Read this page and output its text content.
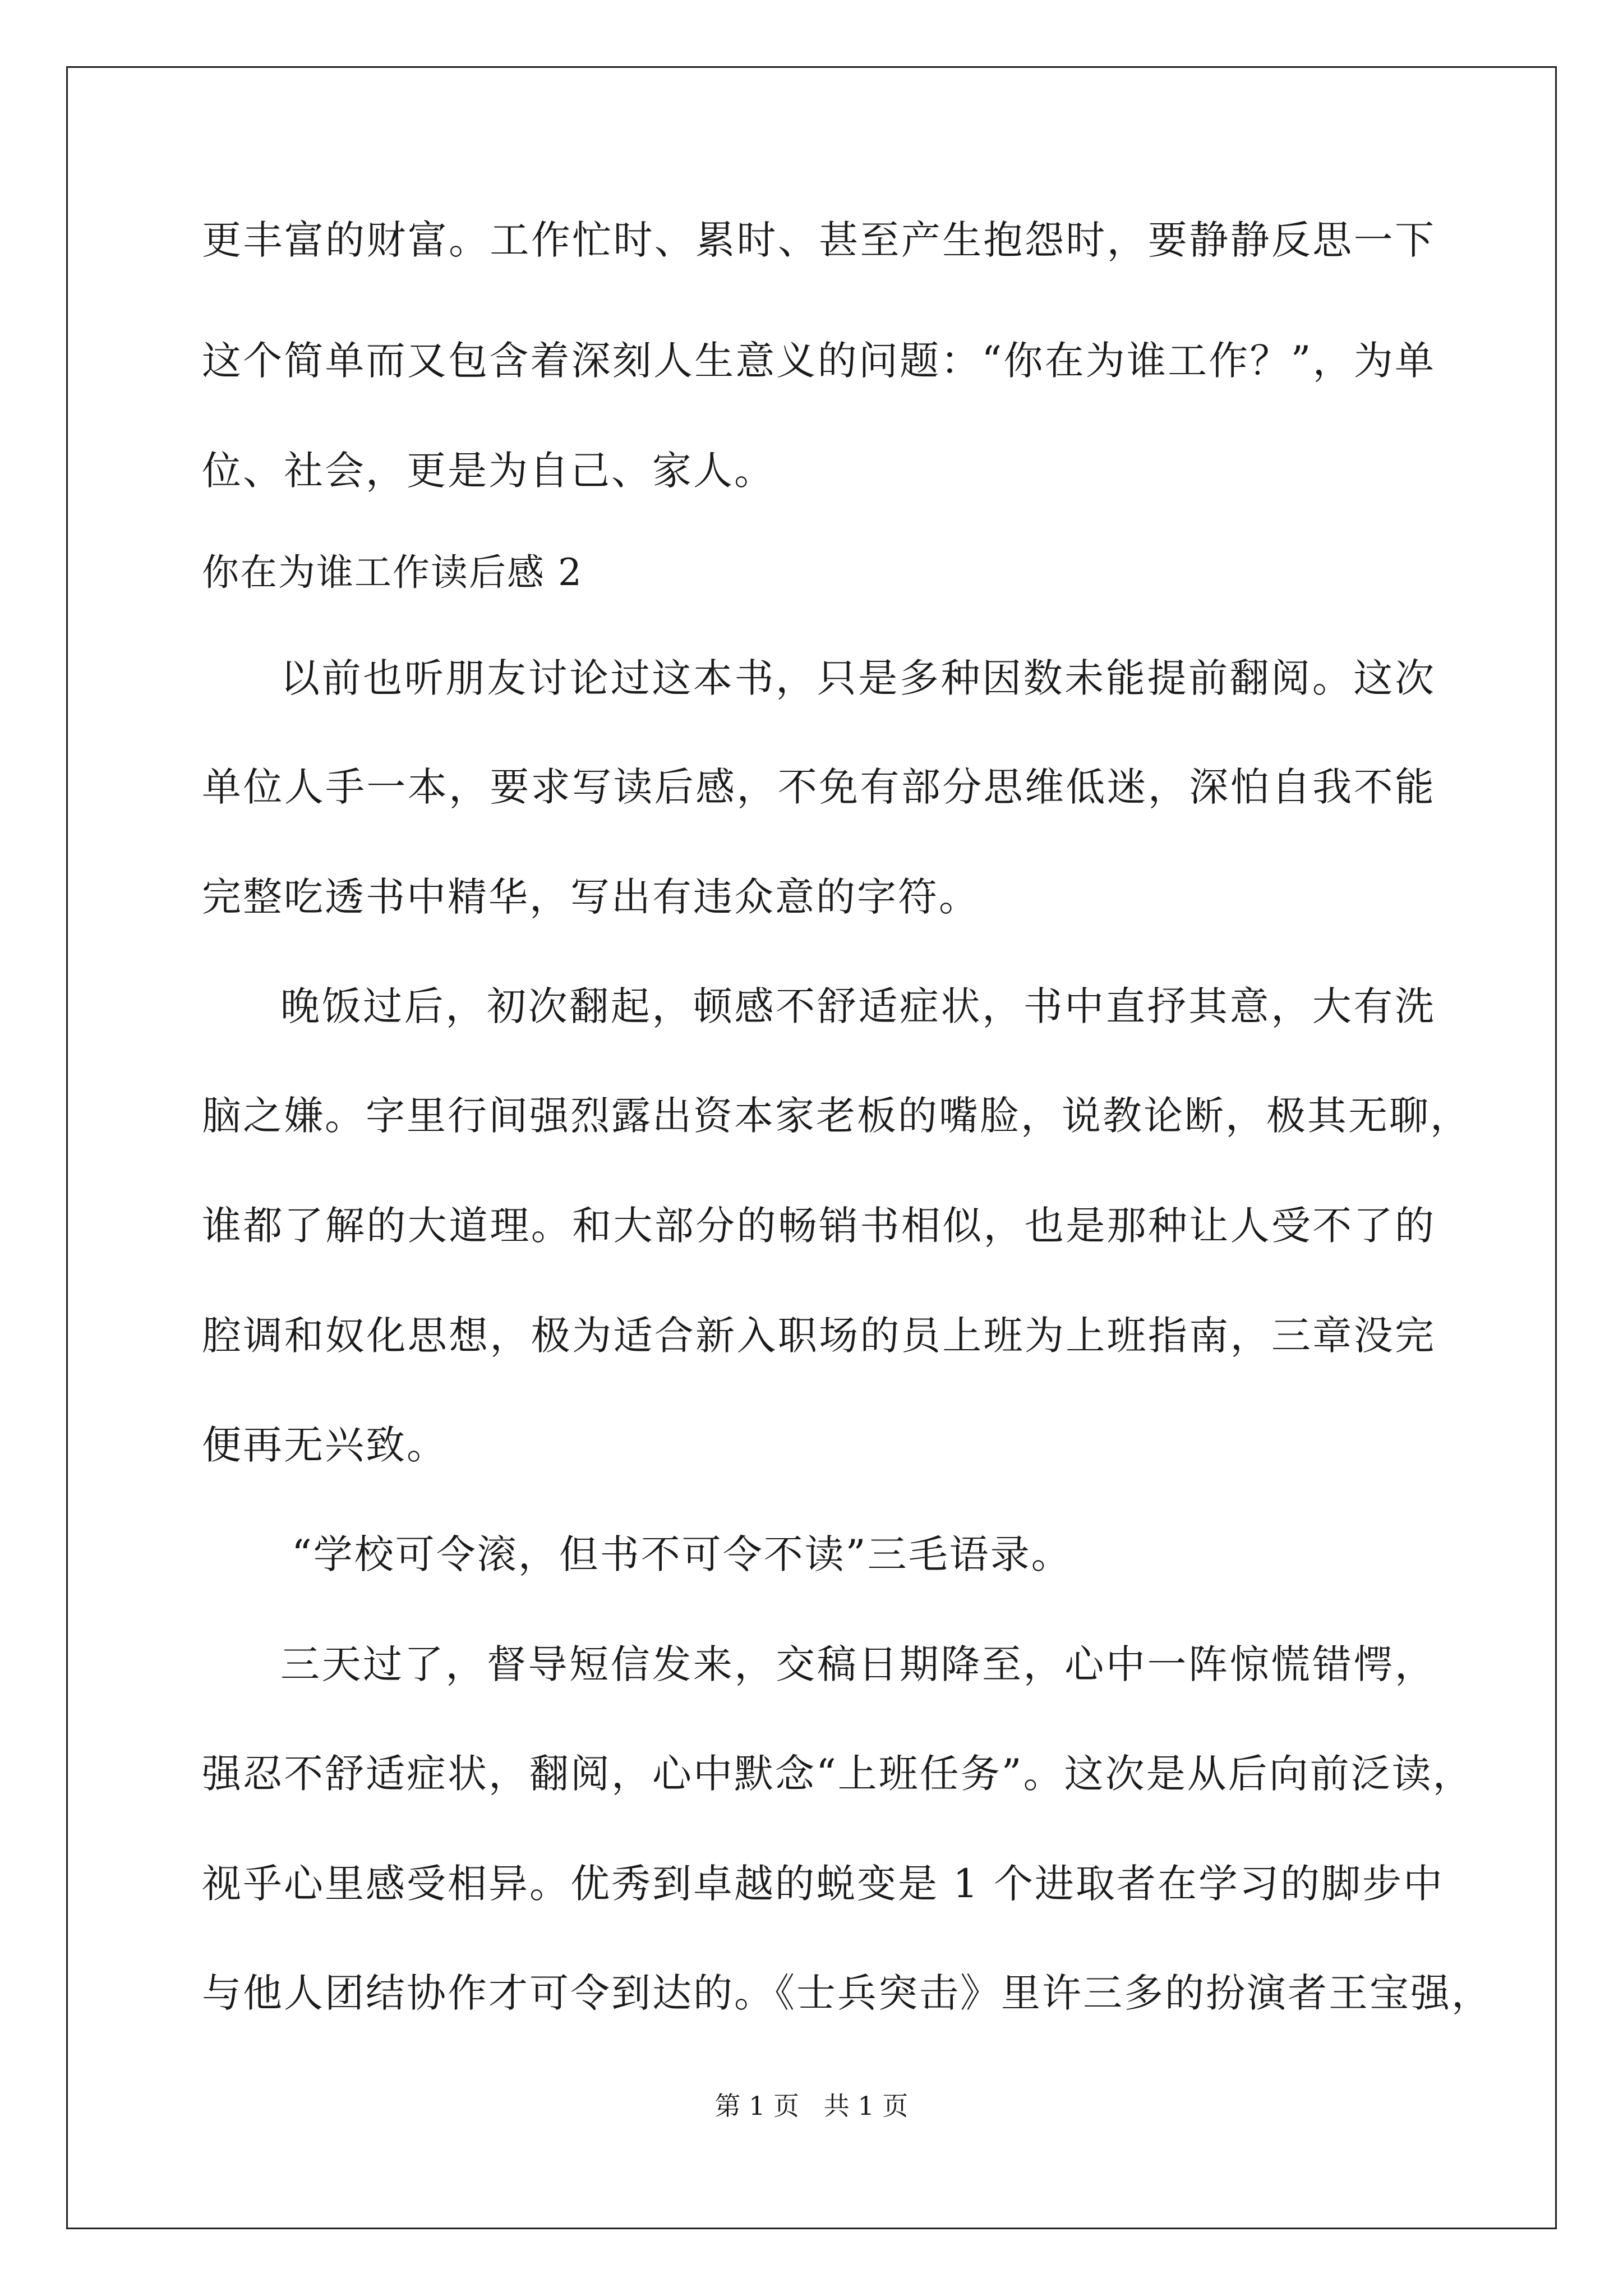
更丰富的财富。工作忙时、累时、甚至产生抱怨时，要静静反思一下
这个简单而又包含着深刻人生意义的问题：“你在为谁工作？”，为单
位、社会，更是为自己、家人。
你在为谁工作读后感 2
以前也听朋友讨论过这本书，只是多种因数未能提前翻阅。这次
单位人手一本，要求写读后感，不免有部分思维低迷，深怕自我不能
完整吃透书中精华，写出有违众意的字符。
晚饭过后，初次翻起，顿感不舒适症状，书中直抒其意，大有洗
脑之嫌。字里行间强烈露出资本家老板的嘴脸，说教论断，极其无聊，
谁都了解的大道理。和大部分的畅销书相似，也是那种让人受不了的
腔调和奴化思想，极为适合新入职场的员上班为上班指南，三章没完
便再无兴致。
“学校可令滚，但书不可令不读”三毛语录。
三天过了，督导短信发来，交稿日期降至，心中一阵惊慌错愕，
强忍不舒适症状，翻阅，心中默念“上班任务”。这次是从后向前泛读，
视乎心里感受相异。优秀到卓越的蜕变是 1 个进取者在学习的脚步中
与他人团结协作才可令到达的。《士兵突击》里许三多的扮演者王宝强，
第 1 页   共 1 页
